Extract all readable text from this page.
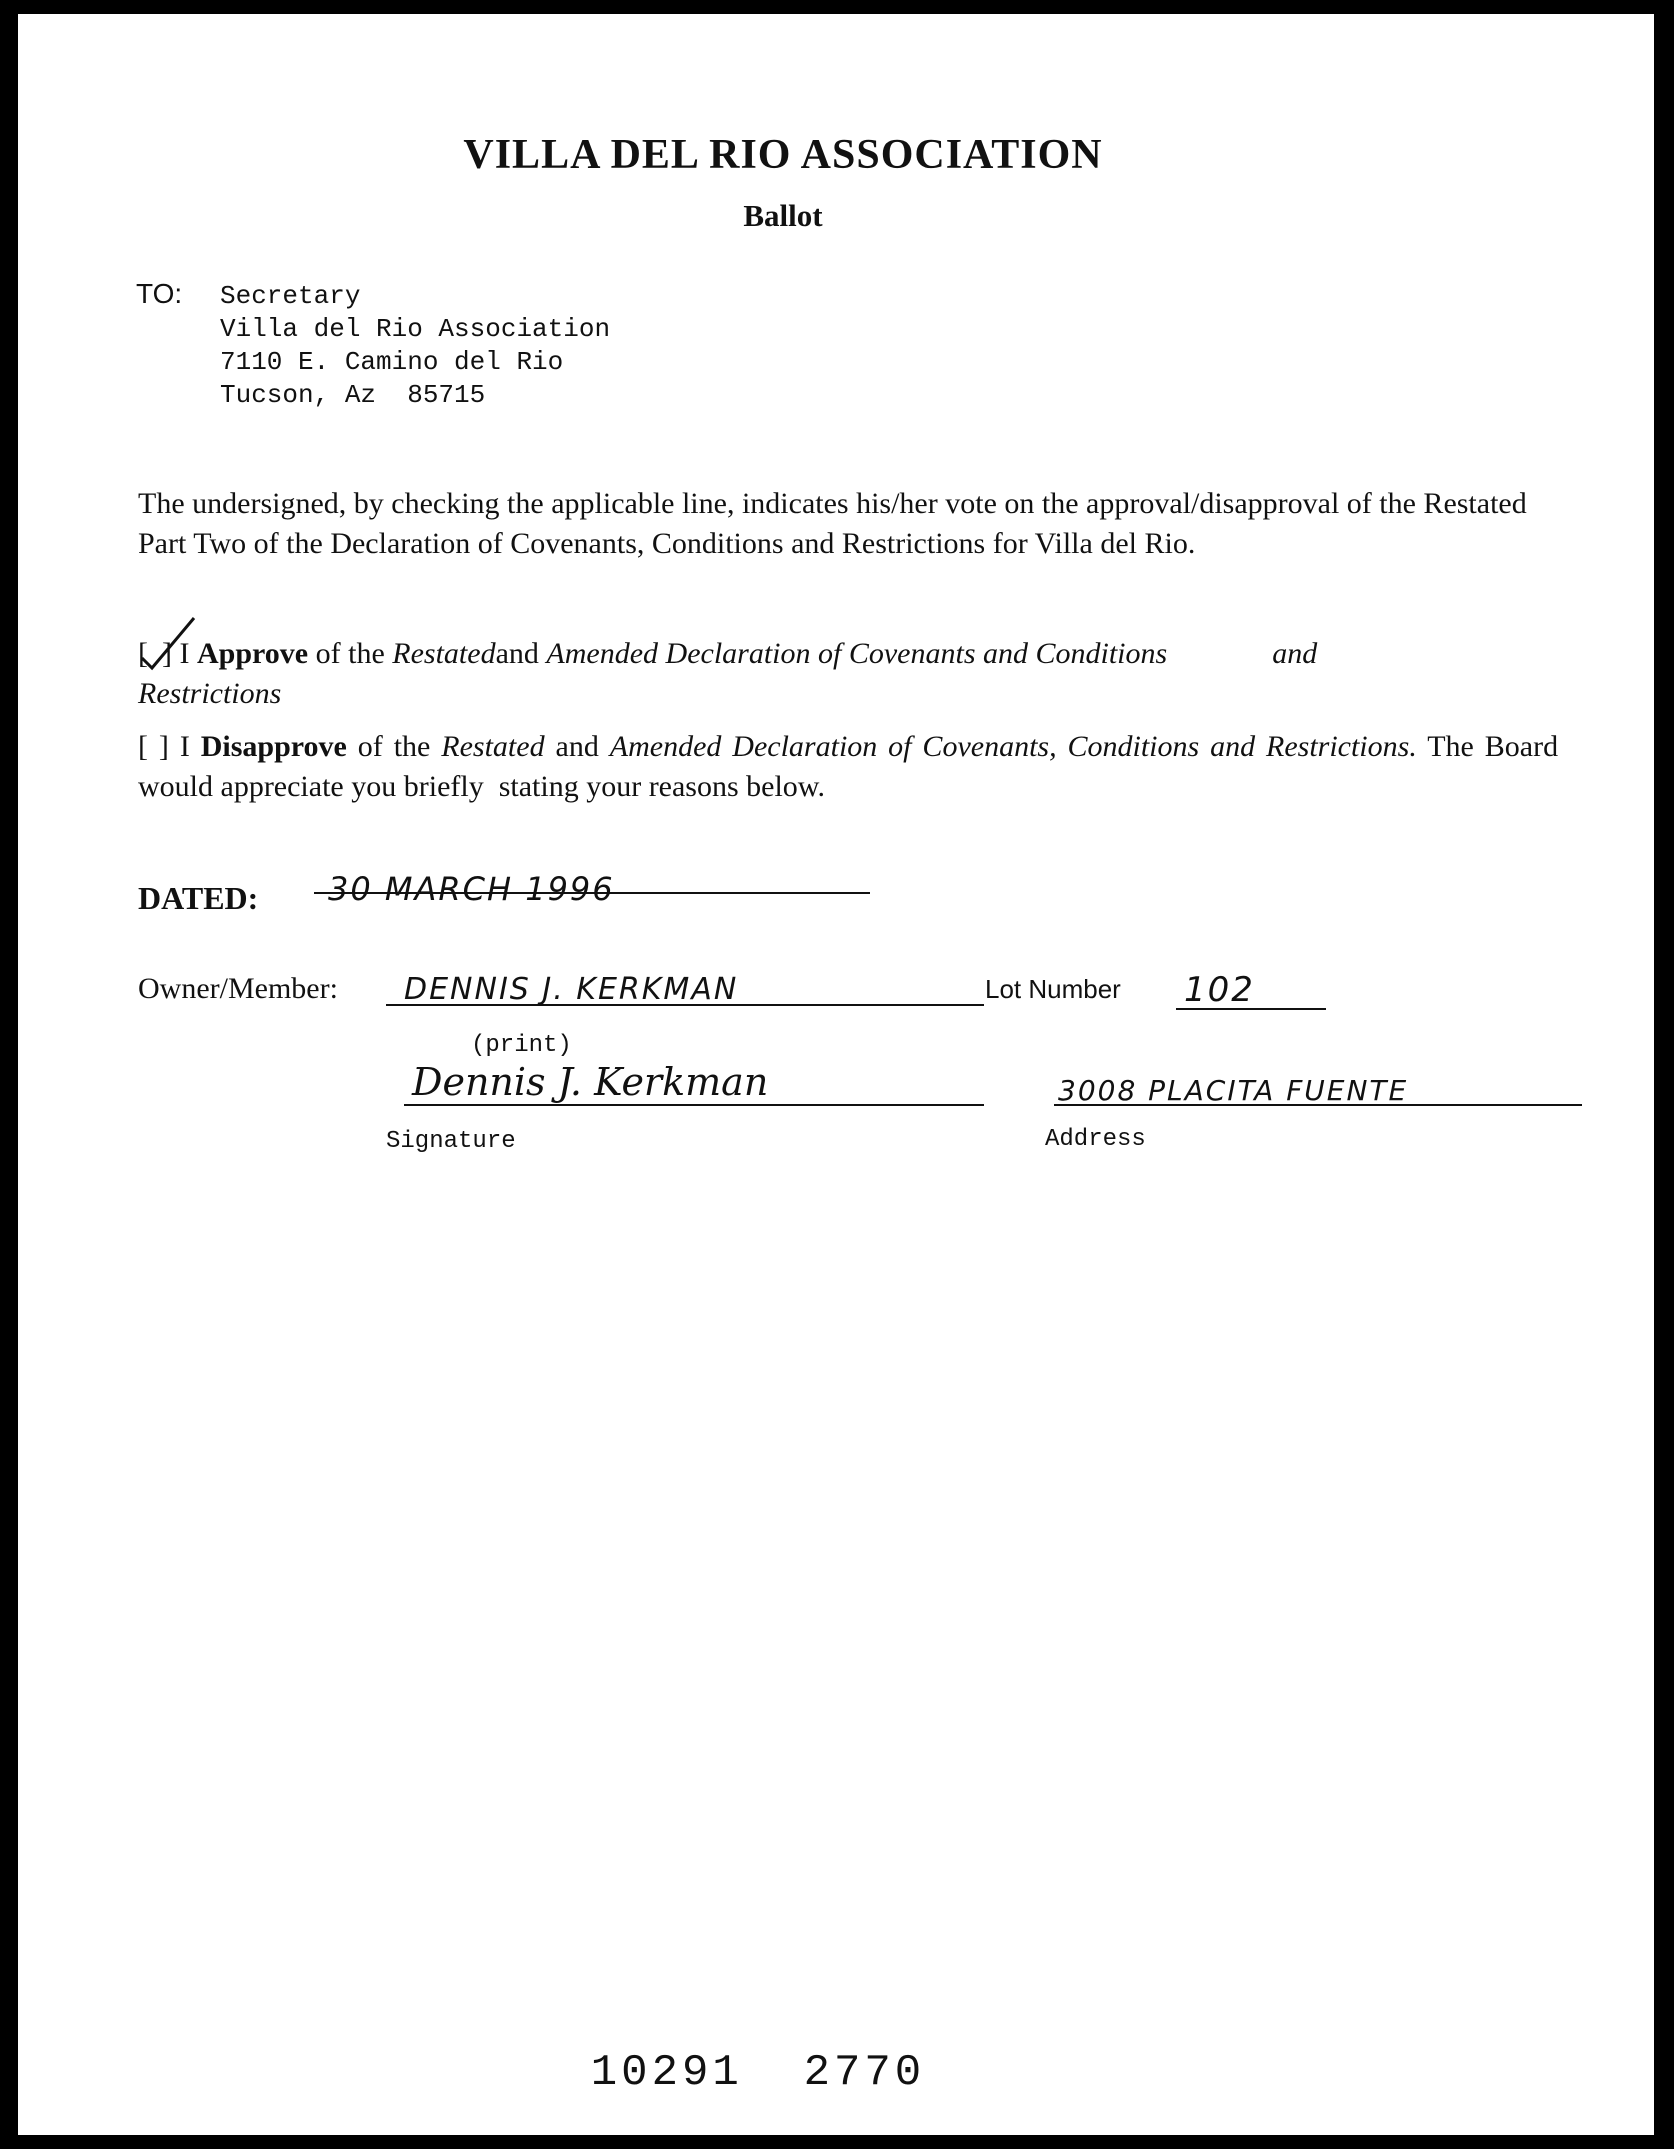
VILLA DEL RIO ASSOCIATION
Ballot
TO: Secretary
Villa del Rio Association
7110 E. Camino del Rio
Tucson, Az  85715
The undersigned, by checking the applicable line, indicates his/her vote on the approval/disapproval of the Restated Part Two of the Declaration of Covenants, Conditions and Restrictions for Villa del Rio.
[ ] I Approve of the Restatedand Amended Declaration of Covenants and Conditions	and
Restrictions
[ ] I Disapprove of the Restated and Amended Declaration of Covenants, Conditions and Restrictions. The Board would appreciate you briefly  stating your reasons below.
DATED: 30 MARCH 1996
Owner/Member: DENNIS J. KERKMAN	Lot Number 102
(print)
Dennis J. Kerkman
Signature
3008 PLACITA FUENTE
Address
10291  2770
